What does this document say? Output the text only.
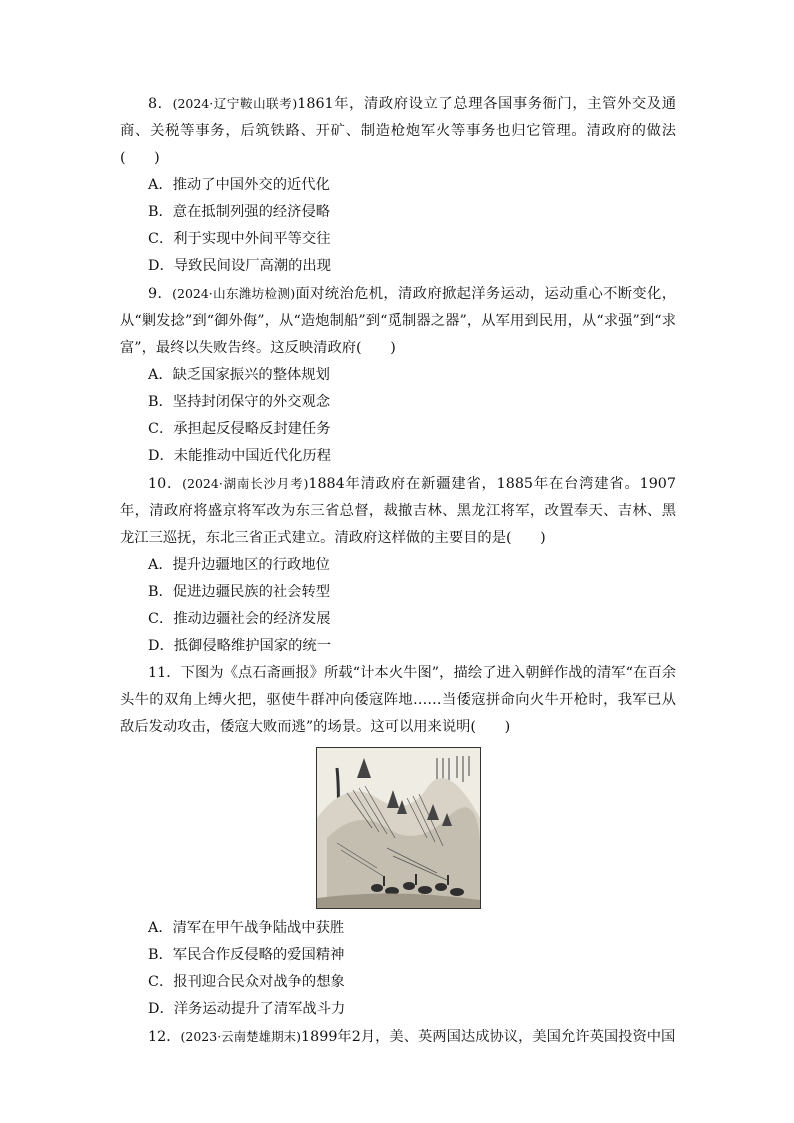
8．(2024·辽宁鞍山联考)1861年，清政府设立了总理各国事务衙门，主管外交及通商、关税等事务，后筑铁路、开矿、制造枪炮军火等事务也归它管理。清政府的做法(　　)

A．推动了中国外交的近代化

B．意在抵制列强的经济侵略

C．利于实现中外间平等交往

D．导致民间设厂高潮的出现

9．(2024·山东潍坊检测)面对统治危机，清政府掀起洋务运动，运动重心不断变化，从“剿发捻”到“御外侮”，从“造炮制船”到“觅制器之器”，从军用到民用，从“求强”到“求富”，最终以失败告终。这反映清政府(　　)

A．缺乏国家振兴的整体规划

B．坚持封闭保守的外交观念

C．承担起反侵略反封建任务

D．未能推动中国近代化历程

10．(2024·湖南长沙月考)1884年清政府在新疆建省，1885年在台湾建省。1907年，清政府将盛京将军改为东三省总督，裁撤吉林、黑龙江将军，改置奉天、吉林、黑龙江三巡抚，东北三省正式建立。清政府这样做的主要目的是(　　)

A．提升边疆地区的行政地位

B．促进边疆民族的社会转型

C．推动边疆社会的经济发展

D．抵御侵略维护国家的统一

11．下图为《点石斋画报》所载“计本火牛图”，描绘了进入朝鲜作战的清军“在百余头牛的双角上缚火把，驱使牛群冲向倭寇阵地……当倭寇拼命向火牛开枪时，我军已从敌后发动攻击，倭寇大败而逃”的场景。这可以用来说明(　　)

A．清军在甲午战争陆战中获胜

B．军民合作反侵略的爱国精神

C．报刊迎合民众对战争的想象

D．洋务运动提升了清军战斗力

12．(2023·云南楚雄期末)1899年2月，美、英两国达成协议，美国允许英国投资中国
